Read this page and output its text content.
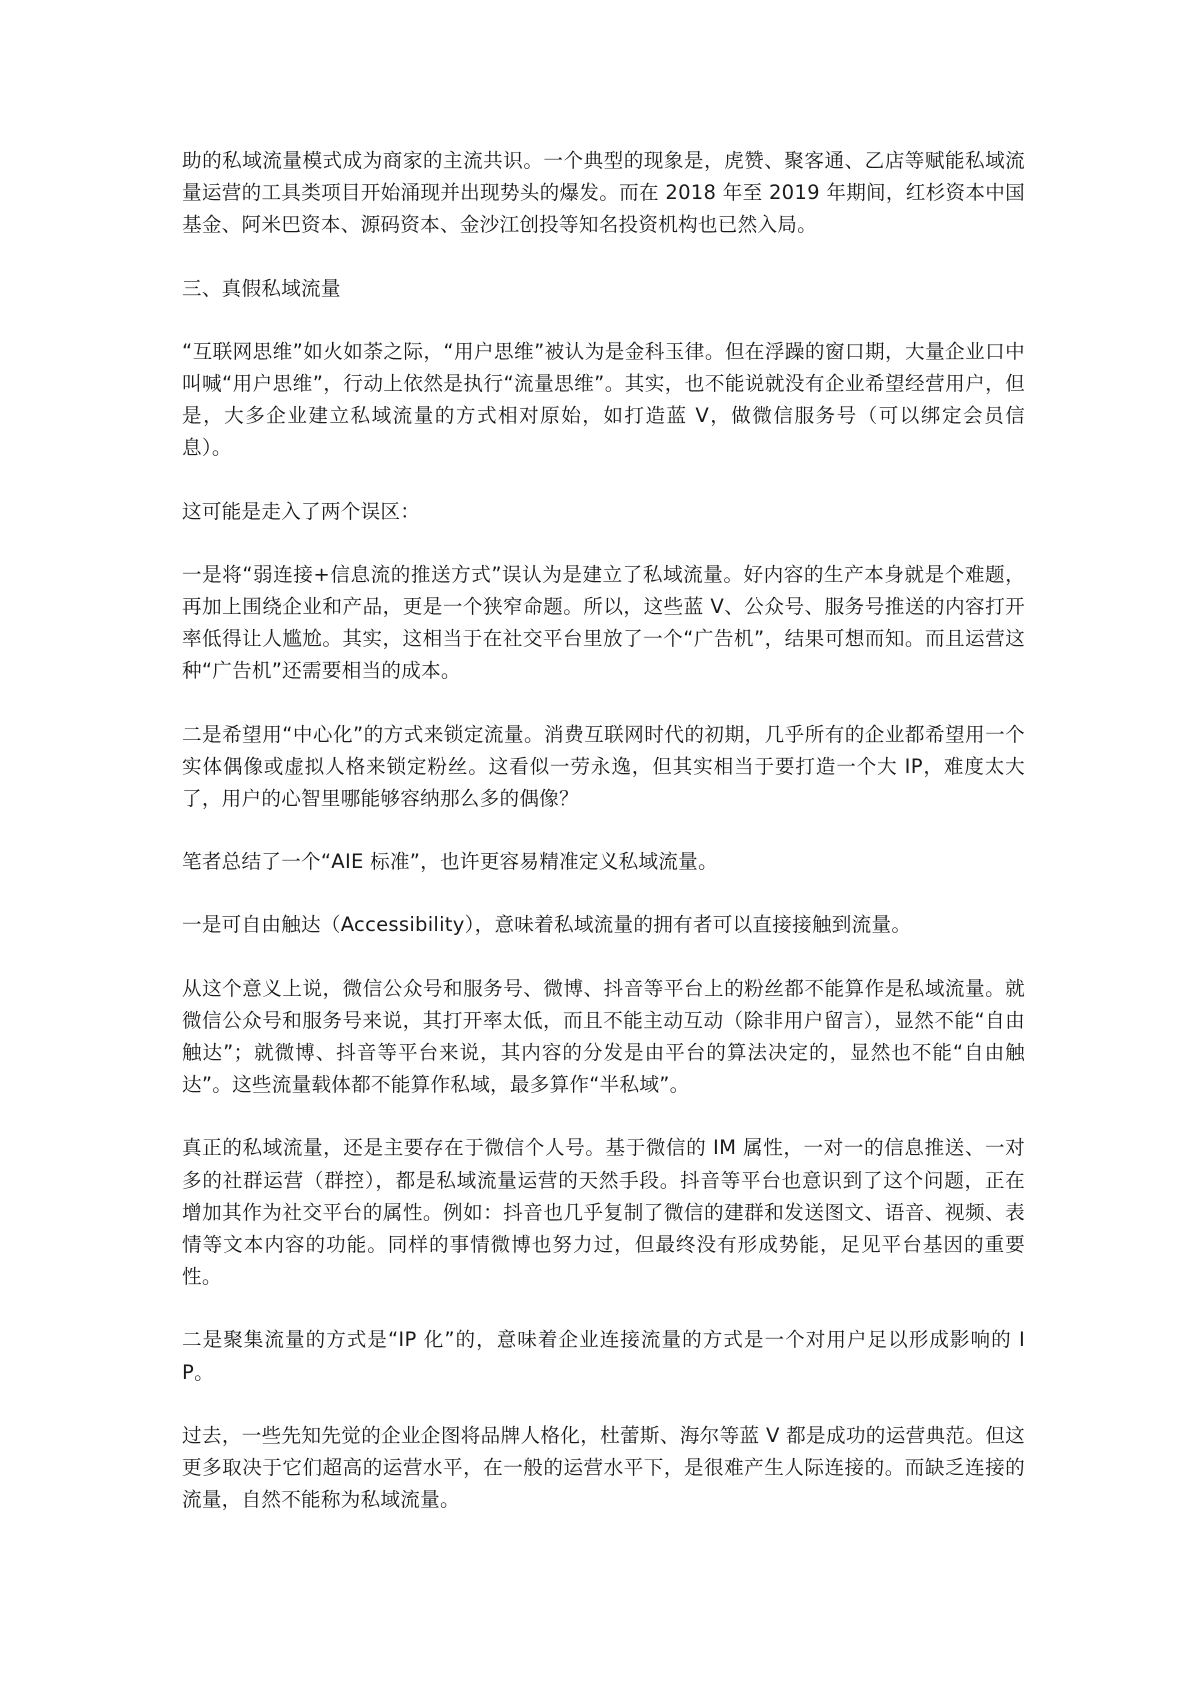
助的私域流量模式成为商家的主流共识。一个典型的现象是，虎赞、聚客通、乙店等赋能私域流量运营的工具类项目开始涌现并出现势头的爆发。而在 2018 年至 2019 年期间，红杉资本中国基金、阿米巴资本、源码资本、金沙江创投等知名投资机构也已然入局。

三、真假私域流量

“互联网思维”如火如荼之际，“用户思维”被认为是金科玉律。但在浮躁的窗口期，大量企业口中叫喊“用户思维”，行动上依然是执行“流量思维”。其实，也不能说就没有企业希望经营用户，但是，大多企业建立私域流量的方式相对原始，如打造蓝 V，做微信服务号（可以绑定会员信息）。

这可能是走入了两个误区：

一是将“弱连接+信息流的推送方式”误认为是建立了私域流量。好内容的生产本身就是个难题，再加上围绕企业和产品，更是一个狭窄命题。所以，这些蓝 V、公众号、服务号推送的内容打开率低得让人尴尬。其实，这相当于在社交平台里放了一个“广告机”，结果可想而知。而且运营这种“广告机”还需要相当的成本。

二是希望用“中心化”的方式来锁定流量。消费互联网时代的初期，几乎所有的企业都希望用一个实体偶像或虚拟人格来锁定粉丝。这看似一劳永逸，但其实相当于要打造一个大 IP，难度太大了，用户的心智里哪能够容纳那么多的偶像？

笔者总结了一个“AIE 标准”，也许更容易精准定义私域流量。

一是可自由触达（Accessibility），意味着私域流量的拥有者可以直接接触到流量。

从这个意义上说，微信公众号和服务号、微博、抖音等平台上的粉丝都不能算作是私域流量。就微信公众号和服务号来说，其打开率太低，而且不能主动互动（除非用户留言），显然不能“自由触达”；就微博、抖音等平台来说，其内容的分发是由平台的算法决定的，显然也不能“自由触达”。这些流量载体都不能算作私域，最多算作“半私域”。

真正的私域流量，还是主要存在于微信个人号。基于微信的 IM 属性，一对一的信息推送、一对多的社群运营（群控），都是私域流量运营的天然手段。抖音等平台也意识到了这个问题，正在增加其作为社交平台的属性。例如：抖音也几乎复制了微信的建群和发送图文、语音、视频、表情等文本内容的功能。同样的事情微博也努力过，但最终没有形成势能，足见平台基因的重要性。

二是聚集流量的方式是“IP 化”的，意味着企业连接流量的方式是一个对用户足以形成影响的 IP。

过去，一些先知先觉的企业企图将品牌人格化，杜蕾斯、海尔等蓝 V 都是成功的运营典范。但这更多取决于它们超高的运营水平，在一般的运营水平下，是很难产生人际连接的。而缺乏连接的流量，自然不能称为私域流量。
